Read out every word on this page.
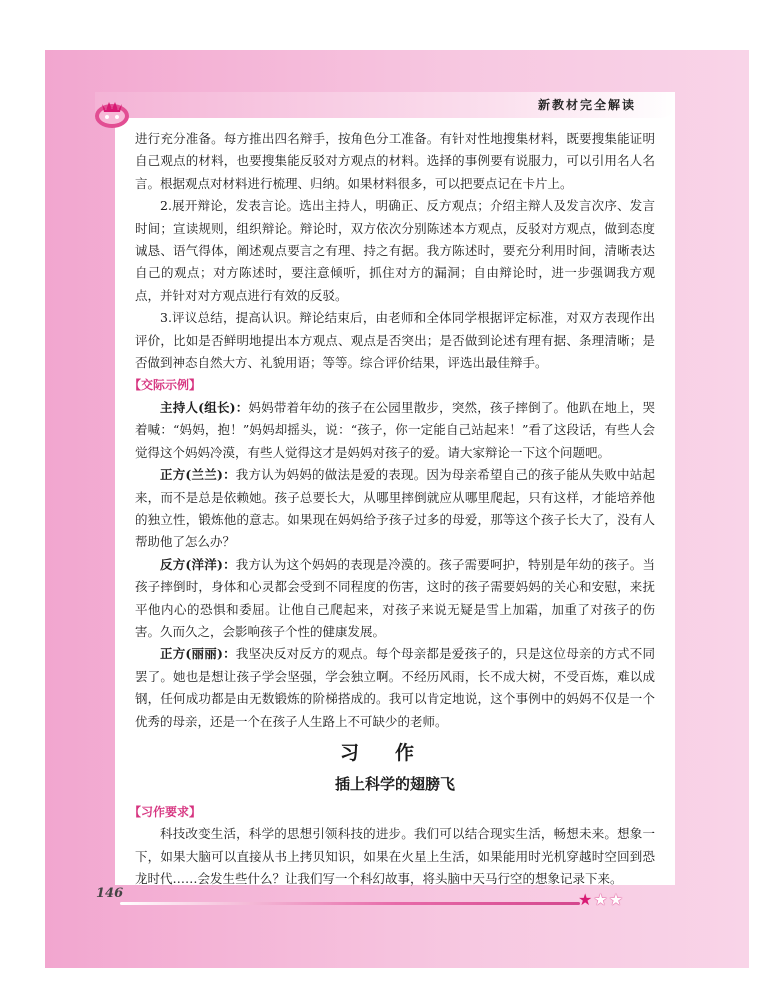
新教材完全解读

进行充分准备。每方推出四名辩手，按角色分工准备。有针对性地搜集材料，既要搜集能证明自己观点的材料，也要搜集能反驳对方观点的材料。选择的事例要有说服力，可以引用名人名言。根据观点对材料进行梳理、归纳。如果材料很多，可以把要点记在卡片上。

2.展开辩论，发表言论。选出主持人，明确正、反方观点；介绍主辩人及发言次序、发言时间；宣读规则，组织辩论。辩论时，双方依次分别陈述本方观点，反驳对方观点，做到态度诚恳、语气得体，阐述观点要言之有理、持之有据。我方陈述时，要充分利用时间，清晰表达自己的观点；对方陈述时，要注意倾听，抓住对方的漏洞；自由辩论时，进一步强调我方观点，并针对对方观点进行有效的反驳。

3.评议总结，提高认识。辩论结束后，由老师和全体同学根据评定标准，对双方表现作出评价，比如是否鲜明地提出本方观点、观点是否突出；是否做到论述有理有据、条理清晰；是否做到神态自然大方、礼貌用语；等等。综合评价结果，评选出最佳辩手。

【交际示例】

主持人(组长)：妈妈带着年幼的孩子在公园里散步，突然，孩子摔倒了。他趴在地上，哭着喊：“妈妈，抱！”妈妈却摇头，说：“孩子，你一定能自己站起来！”看了这段话，有些人会觉得这个妈妈冷漠，有些人觉得这才是妈妈对孩子的爱。请大家辩论一下这个问题吧。

正方(兰兰)：我方认为妈妈的做法是爱的表现。因为母亲希望自己的孩子能从失败中站起来，而不是总是依赖她。孩子总要长大，从哪里摔倒就应从哪里爬起，只有这样，才能培养他的独立性，锻炼他的意志。如果现在妈妈给予孩子过多的母爱，那等这个孩子长大了，没有人帮助他了怎么办？

反方(洋洋)：我方认为这个妈妈的表现是冷漠的。孩子需要呵护，特别是年幼的孩子。当孩子摔倒时，身体和心灵都会受到不同程度的伤害，这时的孩子需要妈妈的关心和安慰，来抚平他内心的恐惧和委屈。让他自己爬起来，对孩子来说无疑是雪上加霜，加重了对孩子的伤害。久而久之，会影响孩子个性的健康发展。

正方(丽丽)：我坚决反对反方的观点。每个母亲都是爱孩子的，只是这位母亲的方式不同罢了。她也是想让孩子学会坚强，学会独立啊。不经历风雨，长不成大树，不受百炼，难以成钢，任何成功都是由无数锻炼的阶梯搭成的。我可以肯定地说，这个事例中的妈妈不仅是一个优秀的母亲，还是一个在孩子人生路上不可缺少的老师。

习作
插上科学的翅膀飞
【习作要求】

科技改变生活，科学的思想引领科技的进步。我们可以结合现实生活，畅想未来。想象一下，如果大脑可以直接从书上拷贝知识，如果在火星上生活，如果能用时光机穿越时空回到恐龙时代……会发生些什么？让我们写一个科幻故事，将头脑中天马行空的想象记录下来。

146	★★★
